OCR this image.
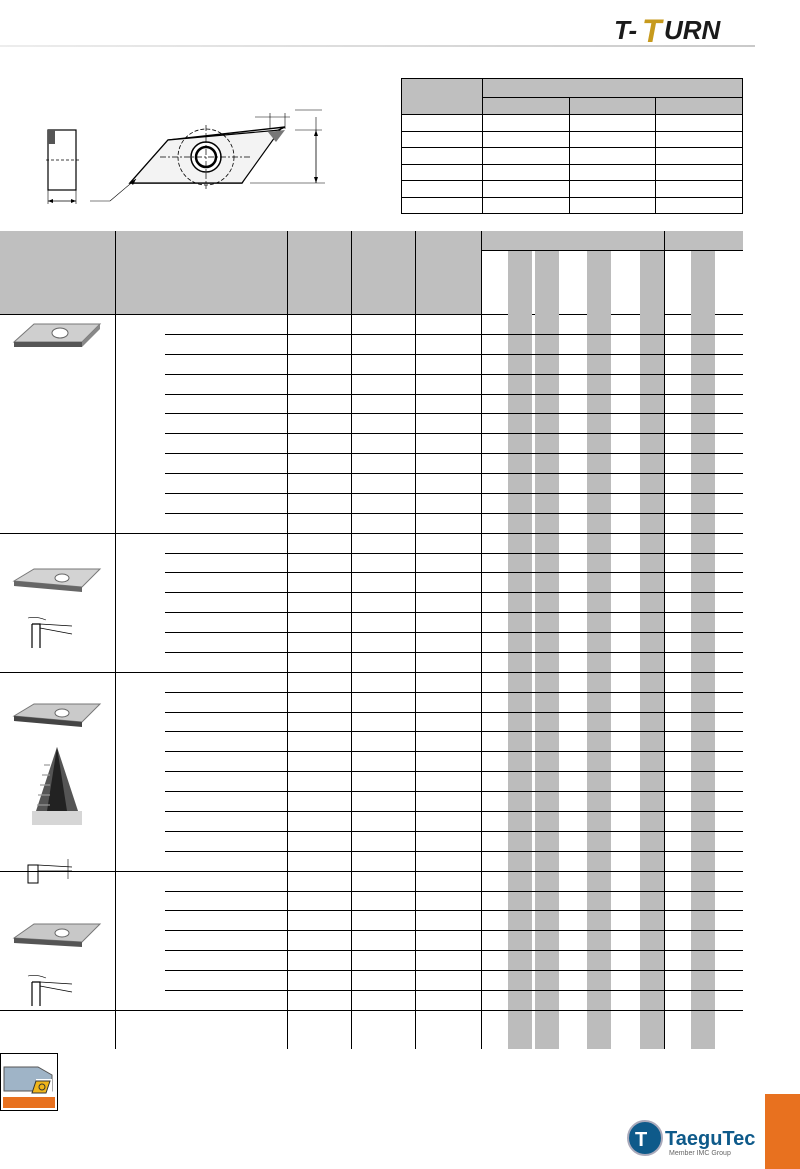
T- T URN

T TaeguTec
Member IMC Group
